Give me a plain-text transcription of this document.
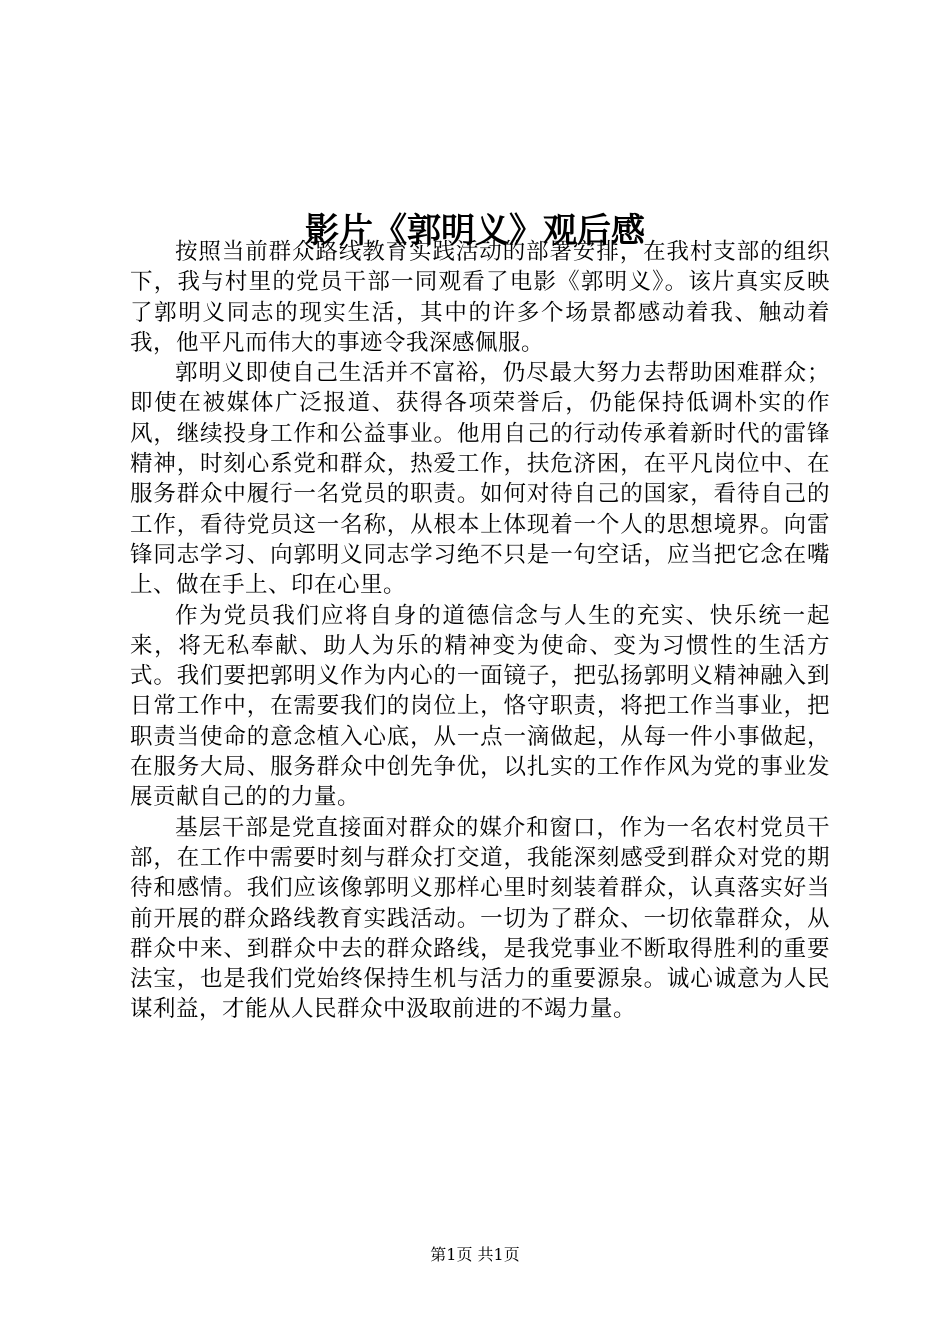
影片《郭明义》观后感

按照当前群众路线教育实践活动的部署安排，在我村支部的组织下，我与村里的党员干部一同观看了电影《郭明义》。该片真实反映了郭明义同志的现实生活，其中的许多个场景都感动着我、触动着我，他平凡而伟大的事迹令我深感佩服。

郭明义即使自己生活并不富裕，仍尽最大努力去帮助困难群众；即使在被媒体广泛报道、获得各项荣誉后，仍能保持低调朴实的作风，继续投身工作和公益事业。他用自己的行动传承着新时代的雷锋精神，时刻心系党和群众，热爱工作，扶危济困，在平凡岗位中、在服务群众中履行一名党员的职责。如何对待自己的国家，看待自己的工作，看待党员这一名称，从根本上体现着一个人的思想境界。向雷锋同志学习、向郭明义同志学习绝不只是一句空话，应当把它念在嘴上、做在手上、印在心里。

作为党员我们应将自身的道德信念与人生的充实、快乐统一起来，将无私奉献、助人为乐的精神变为使命、变为习惯性的生活方式。我们要把郭明义作为内心的一面镜子，把弘扬郭明义精神融入到日常工作中，在需要我们的岗位上，恪守职责，将把工作当事业，把职责当使命的意念植入心底，从一点一滴做起，从每一件小事做起，在服务大局、服务群众中创先争优，以扎实的工作作风为党的事业发展贡献自己的的力量。

基层干部是党直接面对群众的媒介和窗口，作为一名农村党员干部，在工作中需要时刻与群众打交道，我能深刻感受到群众对党的期待和感情。我们应该像郭明义那样心里时刻装着群众，认真落实好当前开展的群众路线教育实践活动。一切为了群众、一切依靠群众，从群众中来、到群众中去的群众路线，是我党事业不断取得胜利的重要法宝，也是我们党始终保持生机与活力的重要源泉。诚心诚意为人民谋利益，才能从人民群众中汲取前进的不竭力量。

第1页 共1页
